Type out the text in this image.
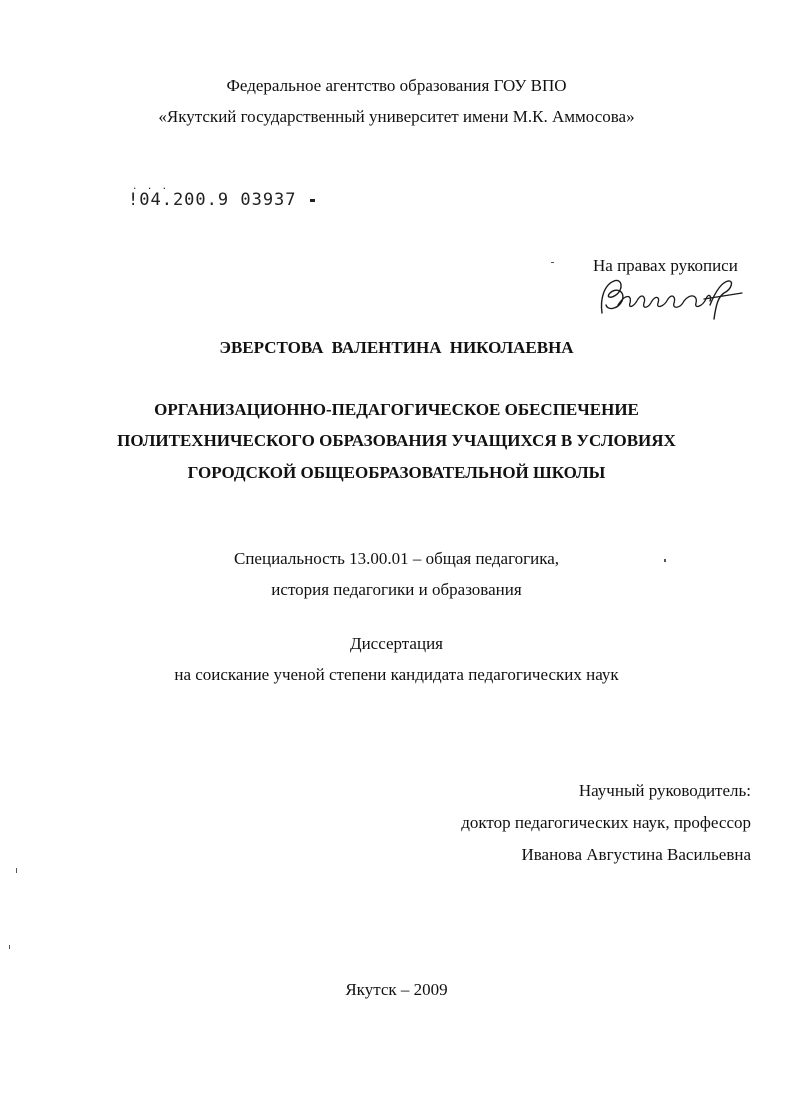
Федеральное агентство образования ГОУ ВПО
«Якутский государственный университет имени М.К. Аммосова»
. . .
!04.200.9 03937
На правах рукописи
ЭВЕРСТОВА ВАЛЕНТИНА НИКОЛАЕВНА
ОРГАНИЗАЦИОННО-ПЕДАГОГИЧЕСКОЕ ОБЕСПЕЧЕНИЕ
ПОЛИТЕХНИЧЕСКОГО ОБРАЗОВАНИЯ УЧАЩИХСЯ В УСЛОВИЯХ
ГОРОДСКОЙ ОБЩЕОБРАЗОВАТЕЛЬНОЙ ШКОЛЫ
Специальность 13.00.01 – общая педагогика,
история педагогики и образования
Диссертация
на соискание ученой степени кандидата педагогических наук
Научный руководитель:
доктор педагогических наук, профессор
Иванова Августина Васильевна
Якутск – 2009
